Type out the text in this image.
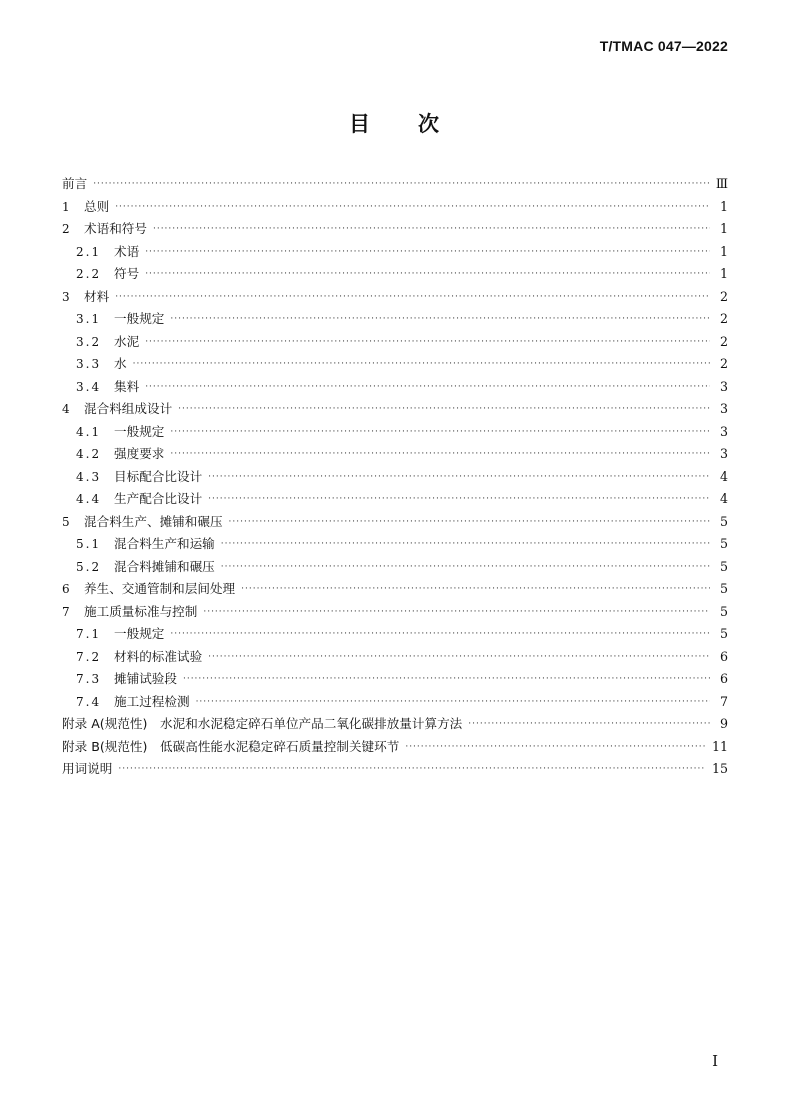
T/TMAC 047—2022
目　　次
前言 ·····	Ⅲ
1 总则 ·····	1
2 术语和符号 ·····	1
2.1	术语 ·····	1
2.2	符号 ·····	1
3 材料 ·····	2
3.1	一般规定 ·····	2
3.2	水泥 ·····	2
3.3	水 ·····	2
3.4	集料 ·····	3
4 混合料组成设计 ·····	3
4.1	一般规定 ·····	3
4.2	强度要求 ·····	3
4.3	目标配合比设计 ·····	4
4.4	生产配合比设计 ·····	4
5 混合料生产、摊铺和碾压 ·····	5
5.1	混合料生产和运输 ·····	5
5.2	混合料摊铺和碾压 ·····	5
6 养生、交通管制和层间处理 ·····	5
7 施工质量标准与控制 ·····	5
7.1	一般规定 ·····	5
7.2	材料的标准试验 ·····	6
7.3	摊铺试验段 ·····	6
7.4	施工过程检测 ·····	7
附录 A(规范性)　水泥和水泥稳定碎石单位产品二氧化碳排放量计算方法 ·····	9
附录 B(规范性)　低碳高性能水泥稳定碎石质量控制关键环节 ·····	11
用词说明 ·····	15
I
